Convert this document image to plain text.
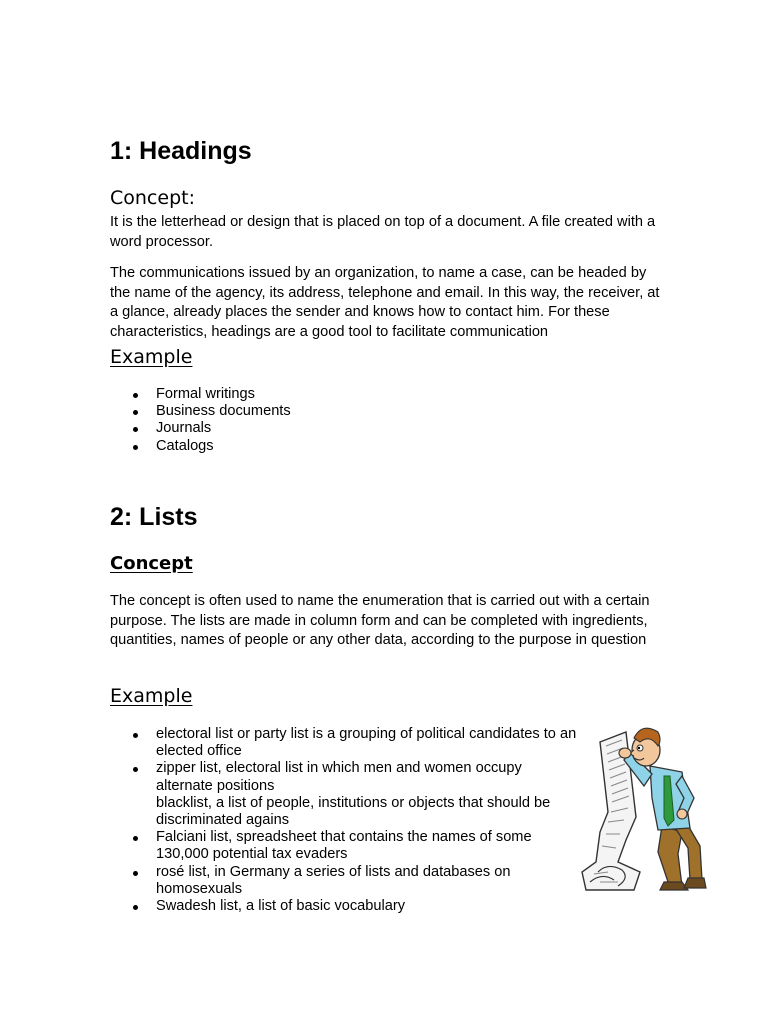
1: Headings
Concept:

It is the letterhead or design that is placed on top of a document. A file created with a word processor.

The communications issued by an organization, to name a case, can be headed by the name of the agency, its address, telephone and email. In this way, the receiver, at a glance, already places the sender and knows how to contact him. For these characteristics, headings are a good tool to facilitate communication

Example
Formal writings
Business documents
Journals
Catalogs
2: Lists
Concept

The concept is often used to name the enumeration that is carried out with a certain purpose. The lists are made in column form and can be completed with ingredients, quantities, names of people or any other data, according to the purpose in question

Example
electoral list or party list is a grouping of political candidates to an elected office
zipper list, electoral list in which men and women occupy alternate positions
blacklist, a list of people, institutions or objects that should be discriminated agains
Falciani list, spreadsheet that contains the names of some 130,000 potential tax evaders
rosé list, in Germany a series of lists and databases on homosexuals
Swadesh list, a list of basic vocabulary
